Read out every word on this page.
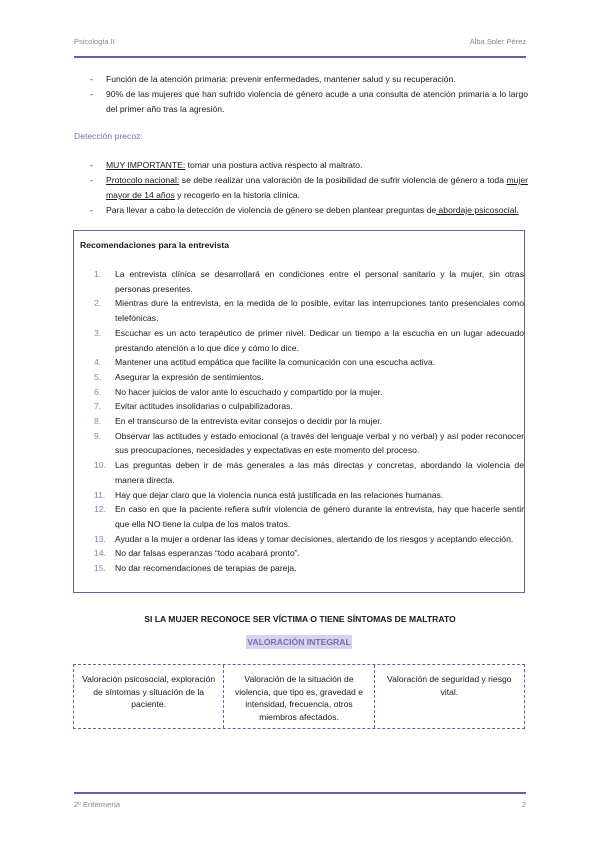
Psicología II	Alba Soler Pérez
- Función de la atención primaria: prevenir enfermedades, mantener salud y su recuperación.
- 90% de las mujeres que han sufrido violencia de género acude a una consulta de atención primaria a lo largo del primer año tras la agresión.
Detección precoz:
- MUY IMPORTANTE: tomar una postura activa respecto al maltrato.
- Protocolo nacional: se debe realizar una valoración de la posibilidad de sufrir violencia de género a toda mujer mayor de 14 años y recogerlo en la historia clínica.
- Para llevar a cabo la detección de violencia de género se deben plantear preguntas de abordaje psicosocial.
Recomendaciones para la entrevista
1. La entrevista clínica se desarrollará en condiciones entre el personal sanitario y la mujer, sin otras personas presentes.
2. Mientras dure la entrevista, en la medida de lo posible, evitar las interrupciones tanto presenciales como telefónicas.
3. Escuchar es un acto terapéutico de primer nivel. Dedicar un tiempo a la escucha en un lugar adecuado prestando atención a lo que dice y cómo lo dice.
4. Mantener una actitud empática que facilite la comunicación con una escucha activa.
5. Asegurar la expresión de sentimientos.
6. No hacer juicios de valor ante lo escuchado y compartido por la mujer.
7. Evitar actitudes insolidarias o culpabilizadoras.
8. En el transcurso de la entrevista evitar consejos o decidir por la mujer.
9. Observar las actitudes y estado emocional (a través del lenguaje verbal y no verbal) y así poder reconocer sus preocupaciones, necesidades y expectativas en este momento del proceso.
10. Las preguntas deben ir de más generales a las más directas y concretas, abordando la violencia de manera directa.
11. Hay que dejar claro que la violencia nunca está justificada en las relaciones humanas.
12. En caso en que la paciente refiera sufrir violencia de género durante la entrevista, hay que hacerle sentir que ella NO tiene la culpa de los malos tratos.
13. Ayudar a la mujer a ordenar las ideas y tomar decisiones, alertando de los riesgos y aceptando elección.
14. No dar falsas esperanzas “todo acabará pronto”.
15. No dar recomendaciones de terapias de pareja.
SI LA MUJER RECONOCE SER VÍCTIMA O TIENE SÍNTOMAS DE MALTRATO
VALORACIÓN INTEGRAL
Valoración psicosocial, exploración de síntomas y situación de la paciente.
Valoración de la situación de violencia, que tipo es, gravedad e intensidad, frecuencia, otros miembros afectados.
Valoración de seguridad y riesgo vital.
2º Enfermería	2
